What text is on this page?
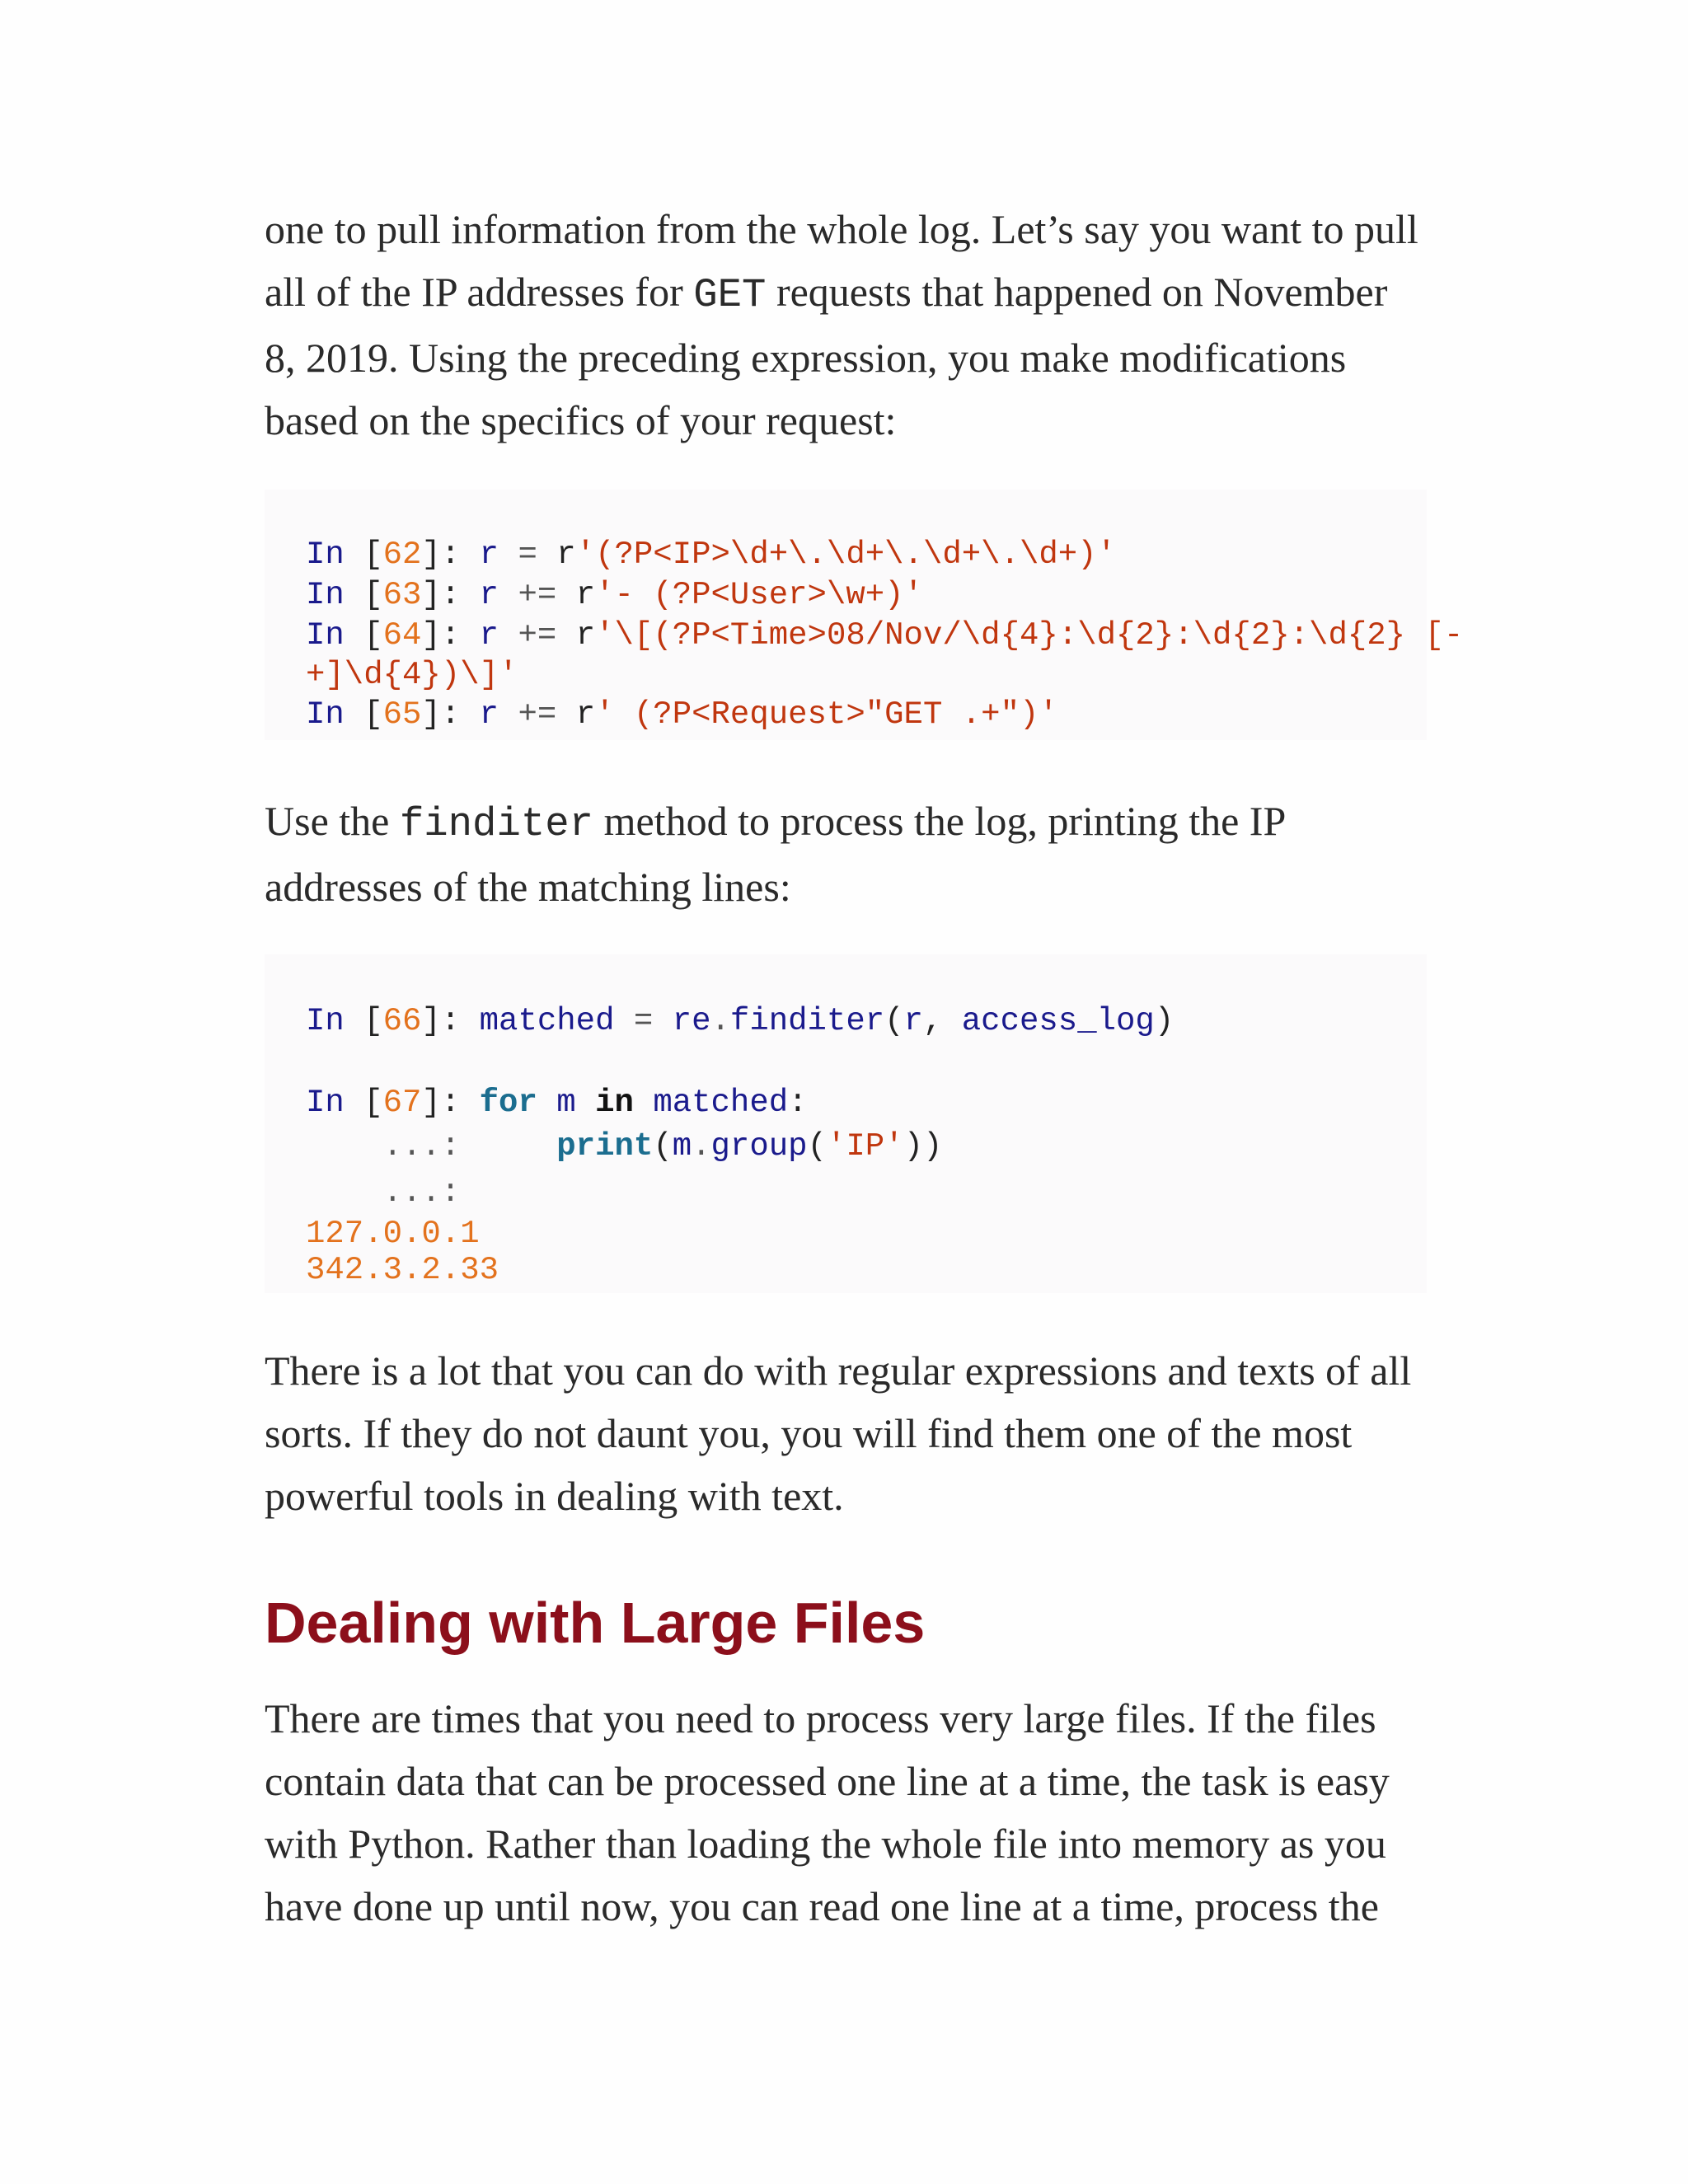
one to pull information from the whole log. Let’s say you want to pull
all of the IP addresses for GET requests that happened on November
8, 2019. Using the preceding expression, you make modifications
based on the specifics of your request:

In [62]: r = r'(?P<IP>\d+\.\d+\.\d+\.\d+)'
In [63]: r += r'- (?P<User>\w+)'
In [64]: r += r'\[(?P<Time>08/Nov/\d{4}:\d{2}:\d{2}:\d{2} [-
+]\d{4})\]'
In [65]: r += r' (?P<Request>"GET .+")'

Use the finditer method to process the log, printing the IP
addresses of the matching lines:

In [66]: matched = re.finditer(r, access_log)
In [67]: for m in matched:
...:	print(m.group('IP'))
...:
127.0.0.1
342.3.2.33

There is a lot that you can do with regular expressions and texts of all
sorts. If they do not daunt you, you will find them one of the most
powerful tools in dealing with text.

Dealing with Large Files

There are times that you need to process very large files. If the files
contain data that can be processed one line at a time, the task is easy
with Python. Rather than loading the whole file into memory as you
have done up until now, you can read one line at a time, process the
